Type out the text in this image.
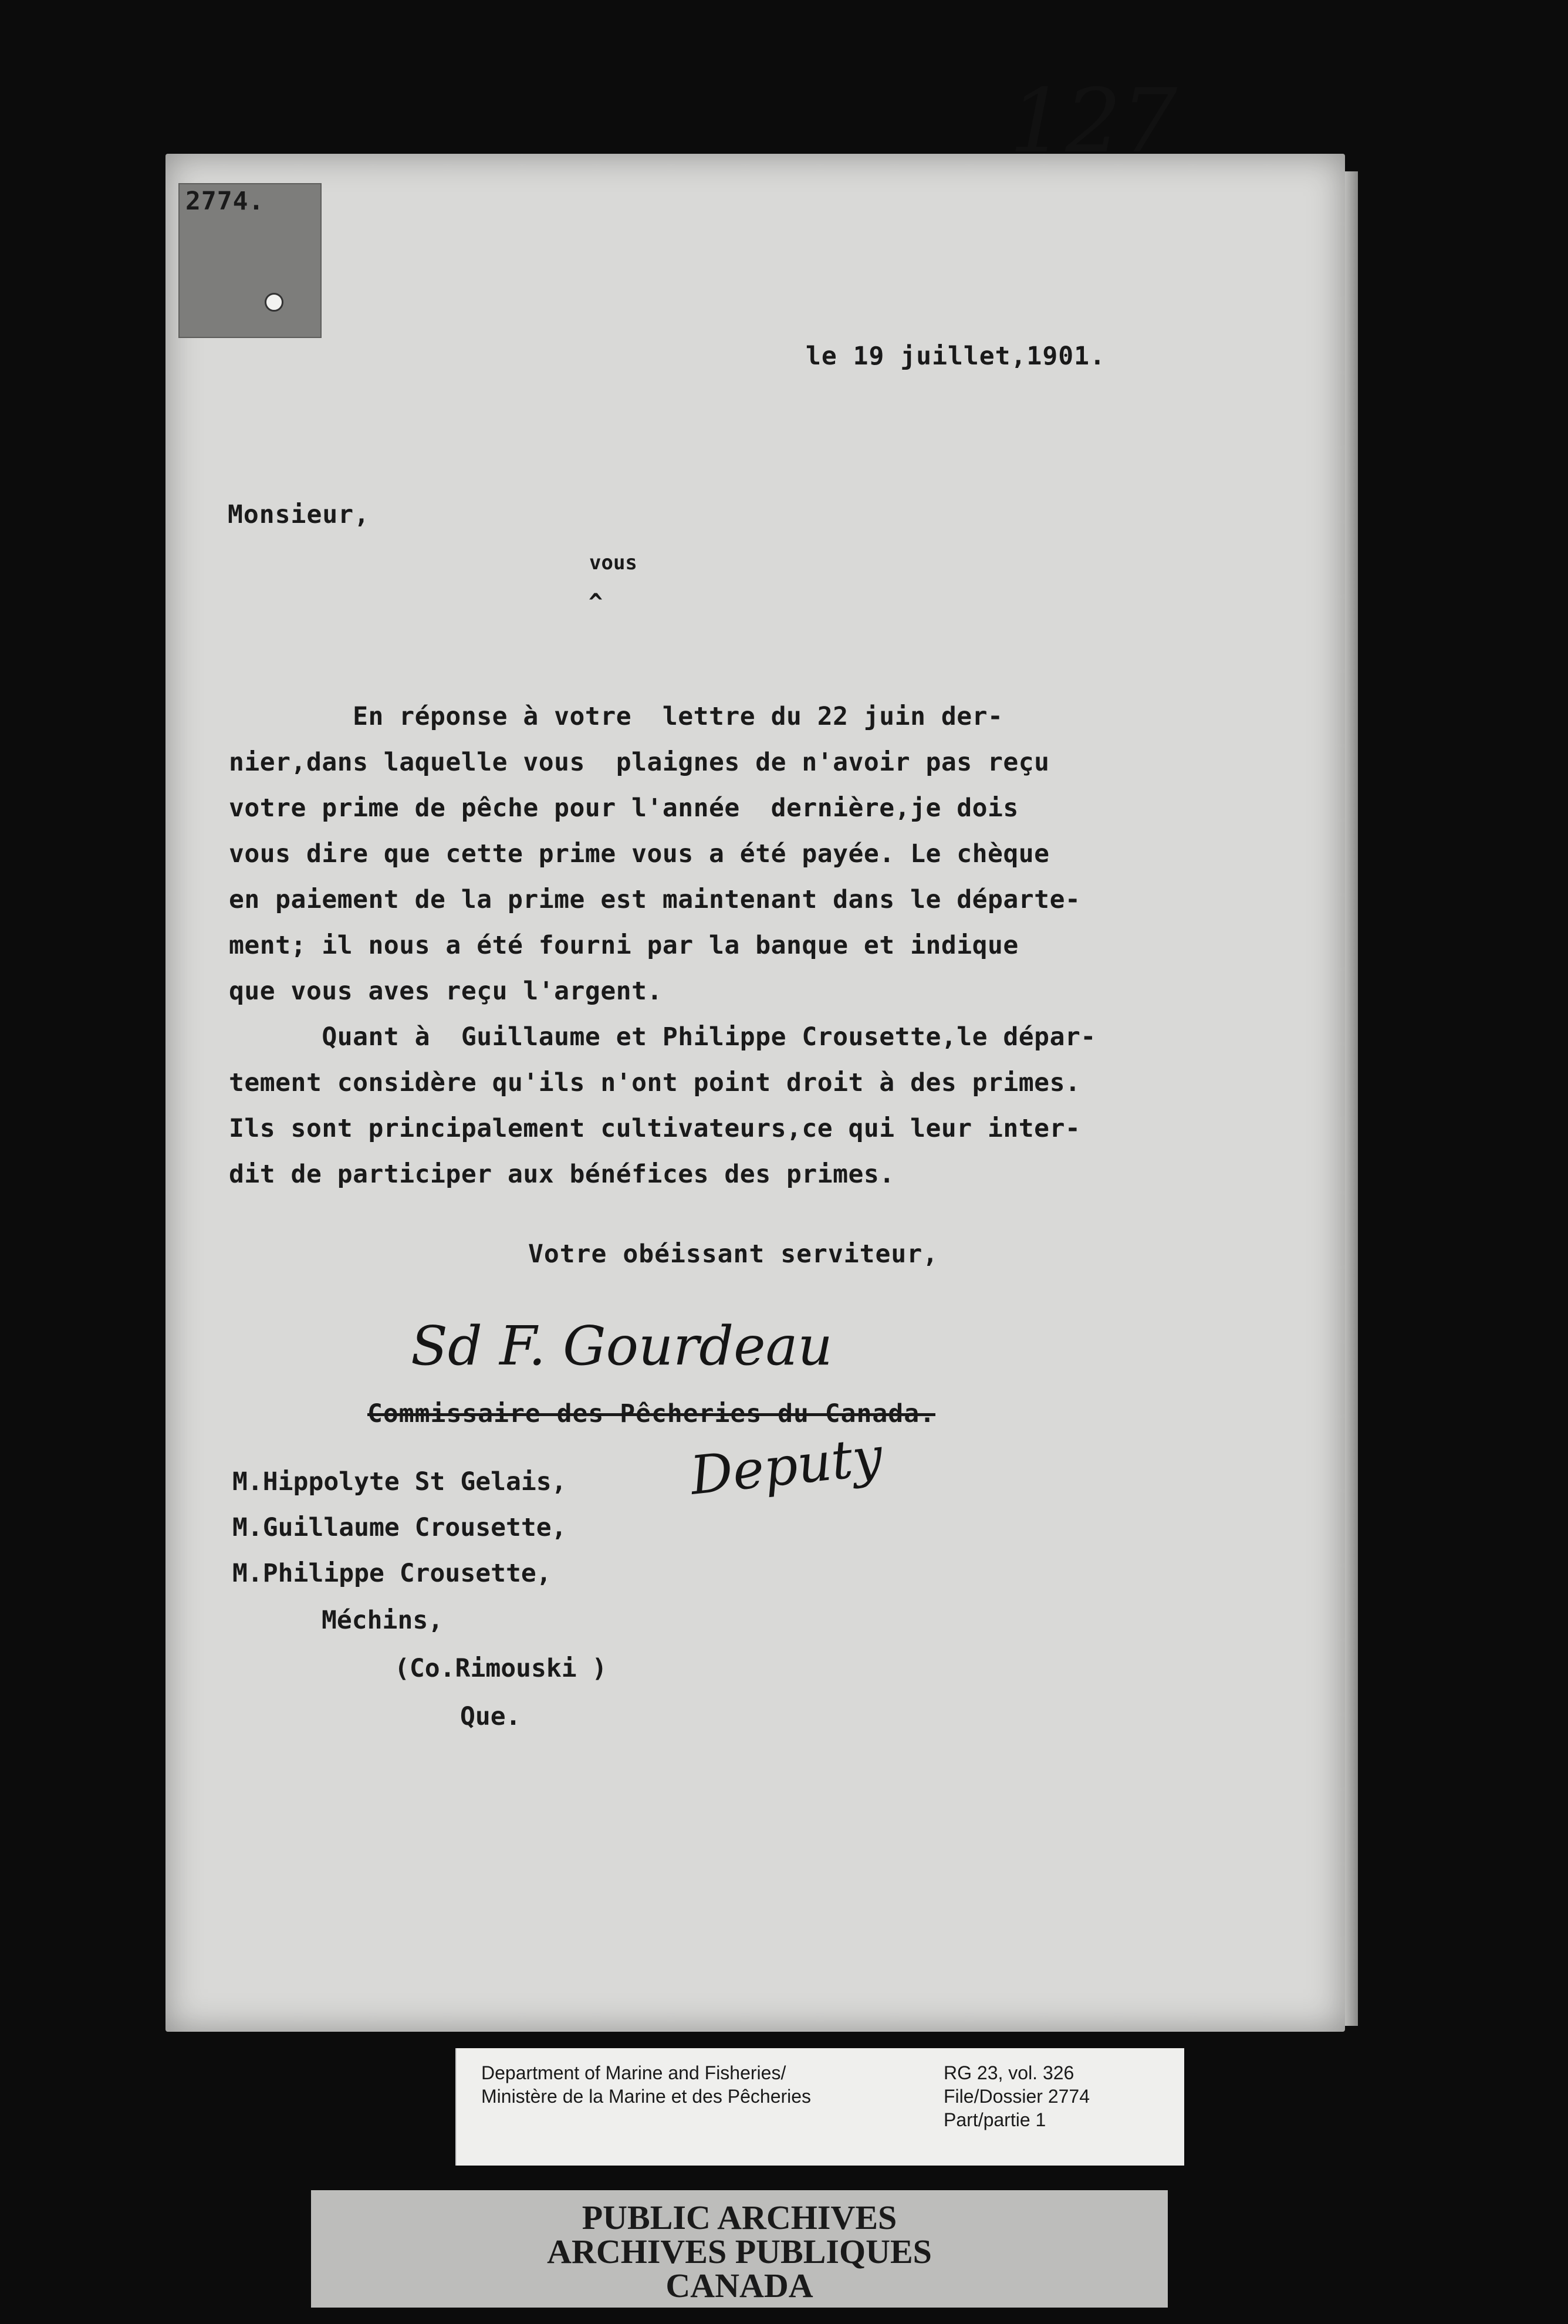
2774.
127
le 19 juillet,1901.
Monsieur,
vous
^
En réponse à votre  lettre du 22 juin der-
nier,dans laquelle vous  plaignes de n'avoir pas reçu
votre prime de pêche pour l'année  dernière,je dois
vous dire que cette prime vous a été payée. Le chèque
en paiement de la prime est maintenant dans le départe-
ment; il nous a été fourni par la banque et indique
que vous aves reçu l'argent.
Quant à  Guillaume et Philippe Crousette,le dépar-
tement considère qu'ils n'ont point droit à des primes.
Ils sont principalement cultivateurs,ce qui leur inter-
dit de participer aux bénéfices des primes.
Votre obéissant serviteur,
Sd F. Gourdeau
Commissaire des Pêcheries du Canada.
Deputy
M.Hippolyte St Gelais,
M.Guillaume Crousette,
M.Philippe Crousette,
Méchins,
(Co.Rimouski )
Que.
Department of Marine and Fisheries/
Ministère de la Marine et des Pêcheries
RG 23, vol. 326
File/Dossier 2774
Part/partie 1
PUBLIC ARCHIVES
ARCHIVES PUBLIQUES
CANADA
